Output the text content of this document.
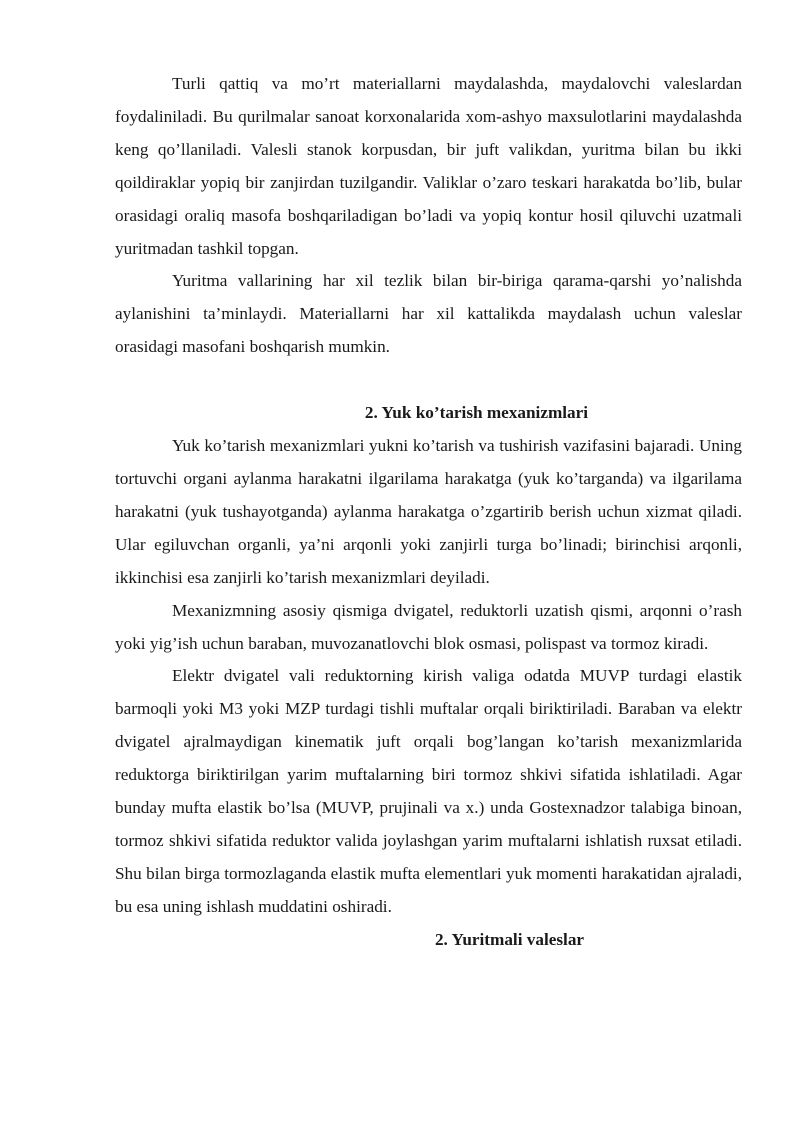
Turli qattiq va mo’rt materiallarni maydalashda, maydalovchi valeslardan foydaliniladi. Bu qurilmalar sanoat korxonalarida xom-ashyo maxsulotlarini maydalashda keng qo’llaniladi. Valesli stanok korpusdan, bir juft valikdan, yuritma bilan bu ikki qoildiraklar yopiq bir zanjirdan tuzilgandir. Valiklar o’zaro teskari harakatda bo’lib, bular orasidagi oraliq masofa boshqariladigan bo’ladi va yopiq kontur hosil qiluvchi uzatmali yuritmadan tashkil topgan.

Yuritma vallarining har xil tezlik bilan bir-biriga qarama-qarshi yo’nalishda aylanishini ta’minlaydi. Materiallarni har xil kattalikda maydalash uchun valeslar orasidagi masofani boshqarish mumkin.

2. Yuk ko’tarish mexanizmlari

Yuk ko’tarish mexanizmlari yukni ko’tarish va tushirish vazifasini bajaradi. Uning tortuvchi organi aylanma harakatni ilgarilama harakatga (yuk ko’targanda) va ilgarilama harakatni (yuk tushayotganda) aylanma harakatga o’zgartirib berish uchun xizmat qiladi. Ular egiluvchan organli, ya’ni arqonli yoki zanjirli turga bo’linadi; birinchisi arqonli, ikkinchisi esa zanjirli ko’tarish mexanizmlari deyiladi.

Mexanizmning asosiy qismiga dvigatel, reduktorli uzatish qismi, arqonni o’rash yoki yig’ish uchun baraban, muvozanatlovchi blok osmasi, polispast va tormoz kiradi.

Elektr dvigatel vali reduktorning kirish valiga odatda MUVP turdagi elastik barmoqli yoki M3 yoki MZP turdagi tishli muftalar orqali biriktiriladi. Baraban va elektr dvigatel ajralmaydigan kinematik juft orqali bog’langan ko’tarish mexanizmlarida reduktorga biriktirilgan yarim muftalarning biri tormoz shkivi sifatida ishlatiladi. Agar bunday mufta elastik bo’lsa (MUVP, prujinali va x.) unda Gostexnadzor talabiga binoan, tormoz shkivi sifatida reduktor valida joylashgan yarim muftalarni ishlatish ruxsat etiladi. Shu bilan birga tormozlaganda elastik mufta elementlari yuk momenti harakatidan ajraladi, bu esa uning ishlash muddatini oshiradi.

2. Yuritmali valeslar
